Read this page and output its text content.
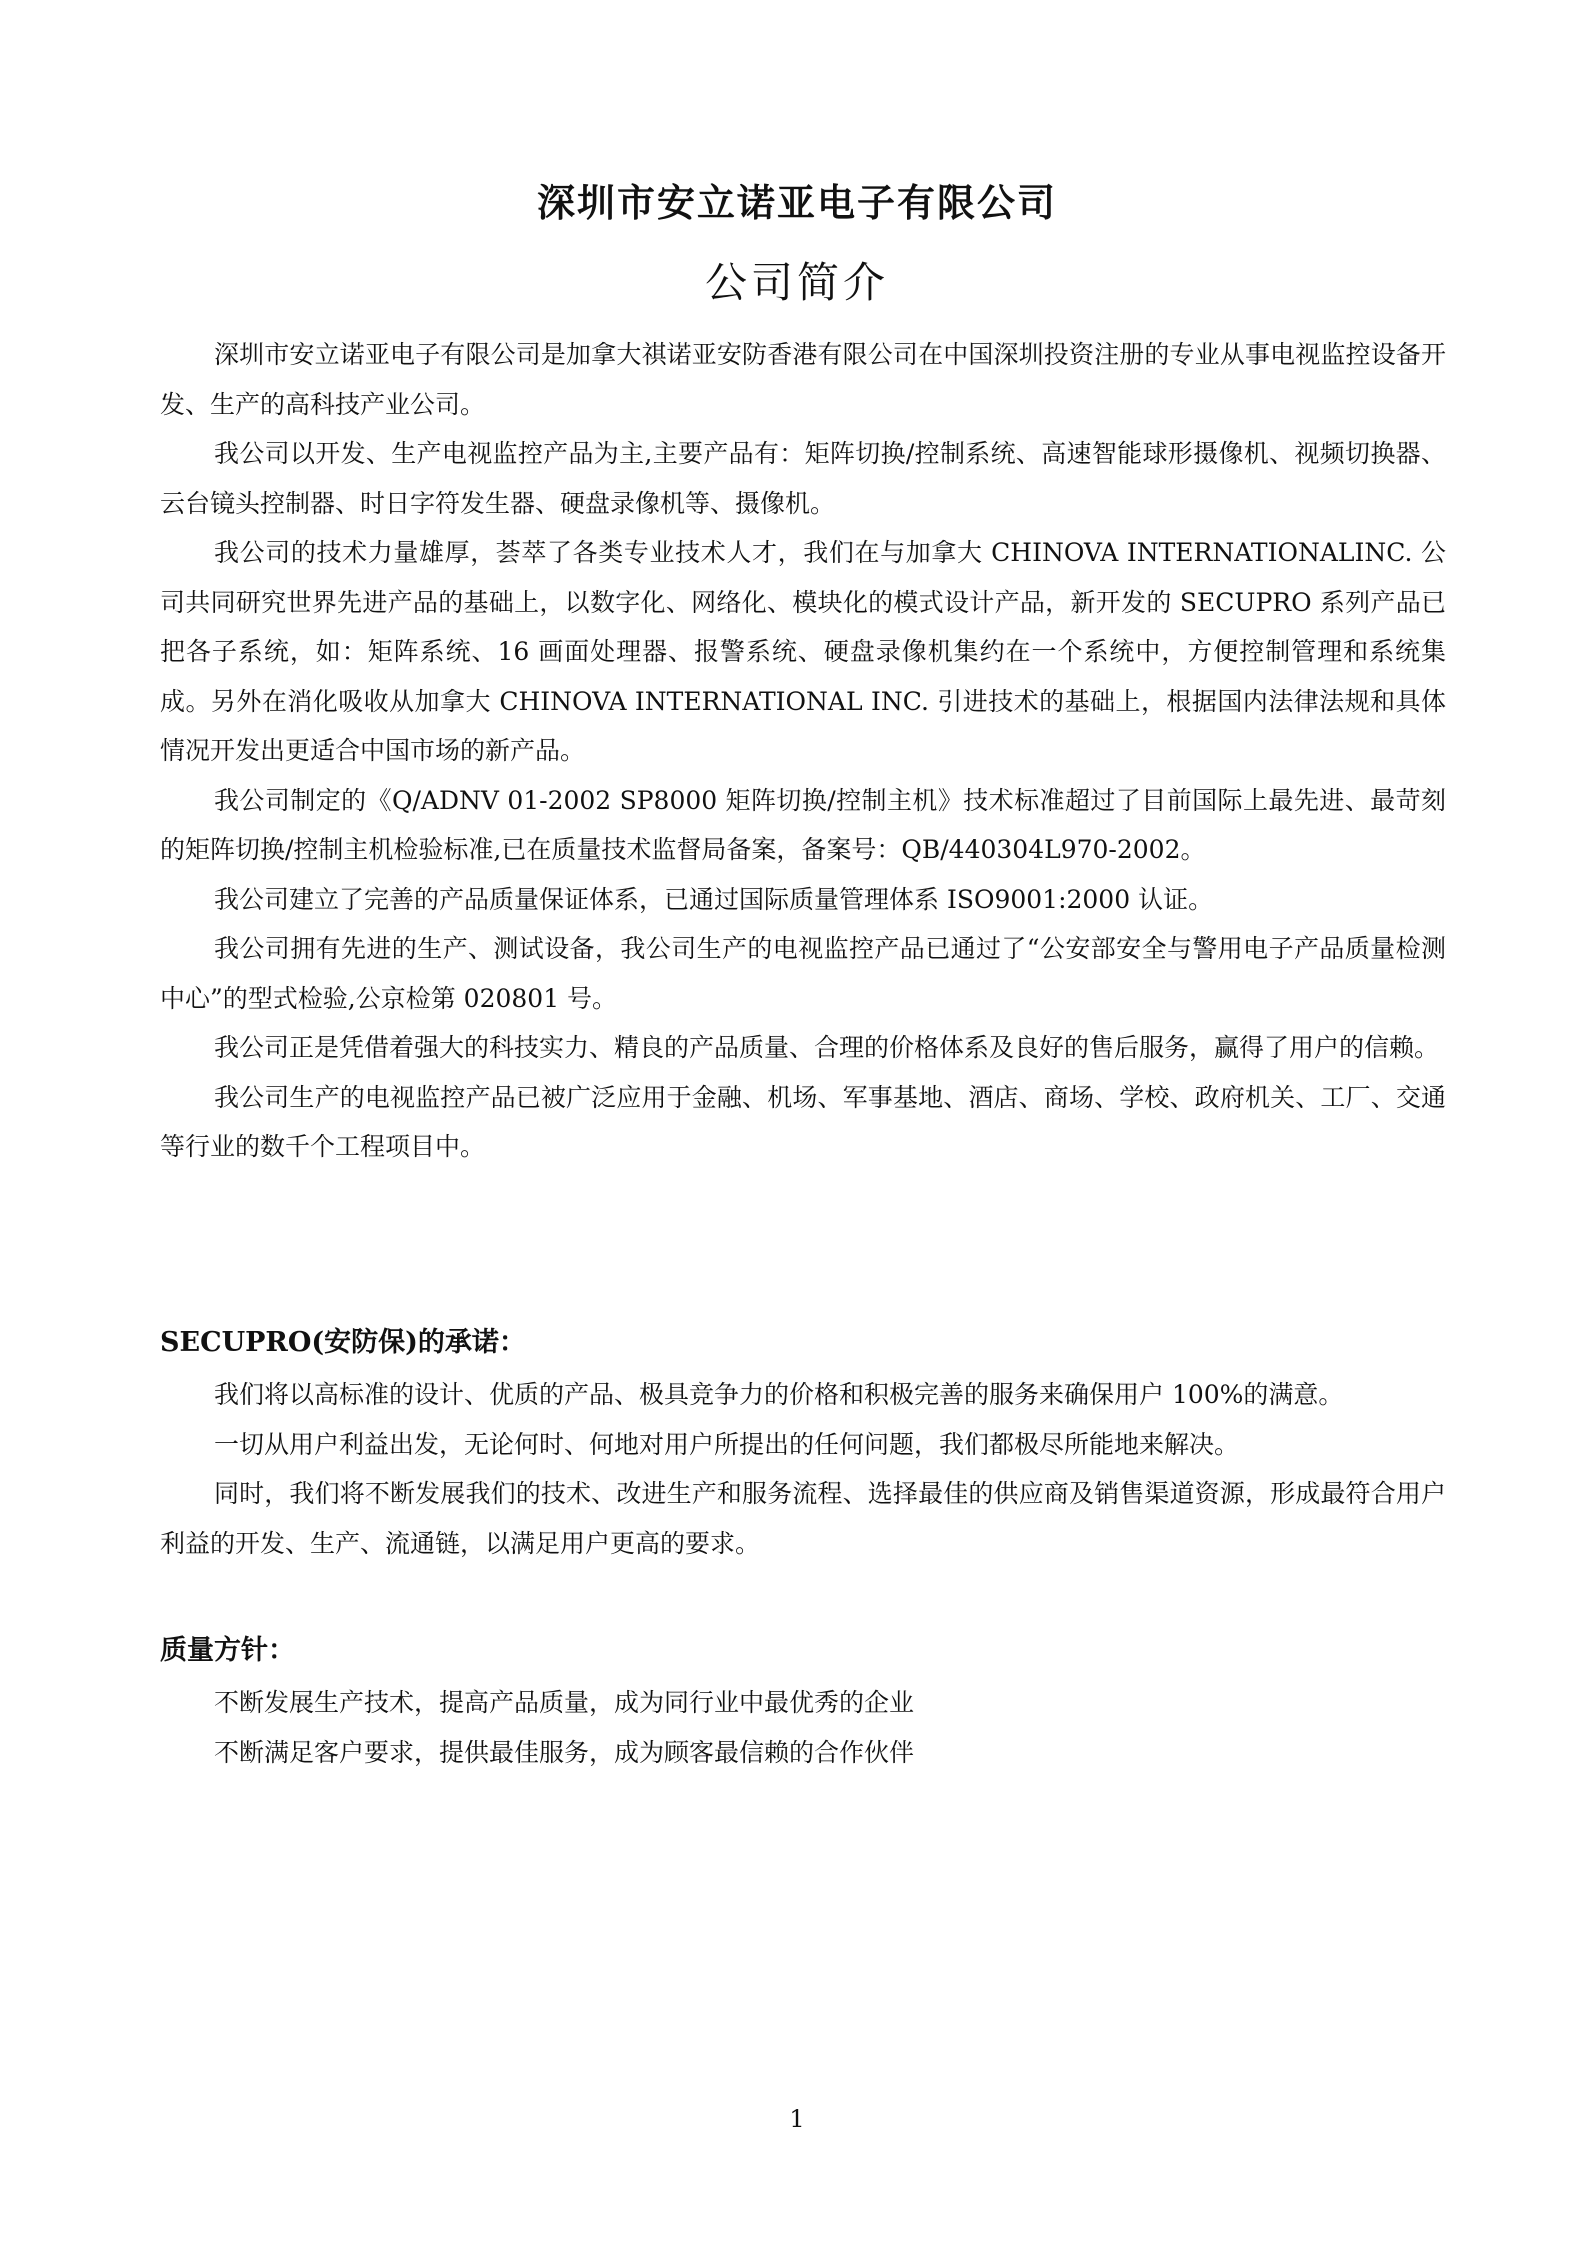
深圳市安立诺亚电子有限公司
公司简介

深圳市安立诺亚电子有限公司是加拿大祺诺亚安防香港有限公司在中国深圳投资注册的专业从事电视监控设备开发、生产的高科技产业公司。

我公司以开发、生产电视监控产品为主,主要产品有：矩阵切换/控制系统、高速智能球形摄像机、视频切换器、云台镜头控制器、时日字符发生器、硬盘录像机等、摄像机。

我公司的技术力量雄厚，荟萃了各类专业技术人才，我们在与加拿大 CHINOVA INTERNATIONALINC. 公司共同研究世界先进产品的基础上，以数字化、网络化、模块化的模式设计产品，新开发的 SECUPRO 系列产品已把各子系统，如：矩阵系统、16 画面处理器、报警系统、硬盘录像机集约在一个系统中，方便控制管理和系统集成。另外在消化吸收从加拿大 CHINOVA INTERNATIONAL INC. 引进技术的基础上，根据国内法律法规和具体情况开发出更适合中国市场的新产品。

我公司制定的《Q/ADNV 01-2002 SP8000 矩阵切换/控制主机》技术标准超过了目前国际上最先进、最苛刻的矩阵切换/控制主机检验标准,已在质量技术监督局备案，备案号：QB/440304L970-2002。

我公司建立了完善的产品质量保证体系，已通过国际质量管理体系 ISO9001:2000 认证。

我公司拥有先进的生产、测试设备，我公司生产的电视监控产品已通过了“公安部安全与警用电子产品质量检测中心”的型式检验,公京检第 020801 号。

我公司正是凭借着强大的科技实力、精良的产品质量、合理的价格体系及良好的售后服务，赢得了用户的信赖。

我公司生产的电视监控产品已被广泛应用于金融、机场、军事基地、酒店、商场、学校、政府机关、工厂、交通等行业的数千个工程项目中。

SECUPRO(安防保)的承诺：

我们将以高标准的设计、优质的产品、极具竞争力的价格和积极完善的服务来确保用户 100%的满意。

一切从用户利益出发，无论何时、何地对用户所提出的任何问题，我们都极尽所能地来解决。

同时，我们将不断发展我们的技术、改进生产和服务流程、选择最佳的供应商及销售渠道资源，形成最符合用户利益的开发、生产、流通链，以满足用户更高的要求。

质量方针：

不断发展生产技术，提高产品质量，成为同行业中最优秀的企业

不断满足客户要求，提供最佳服务，成为顾客最信赖的合作伙伴

1
